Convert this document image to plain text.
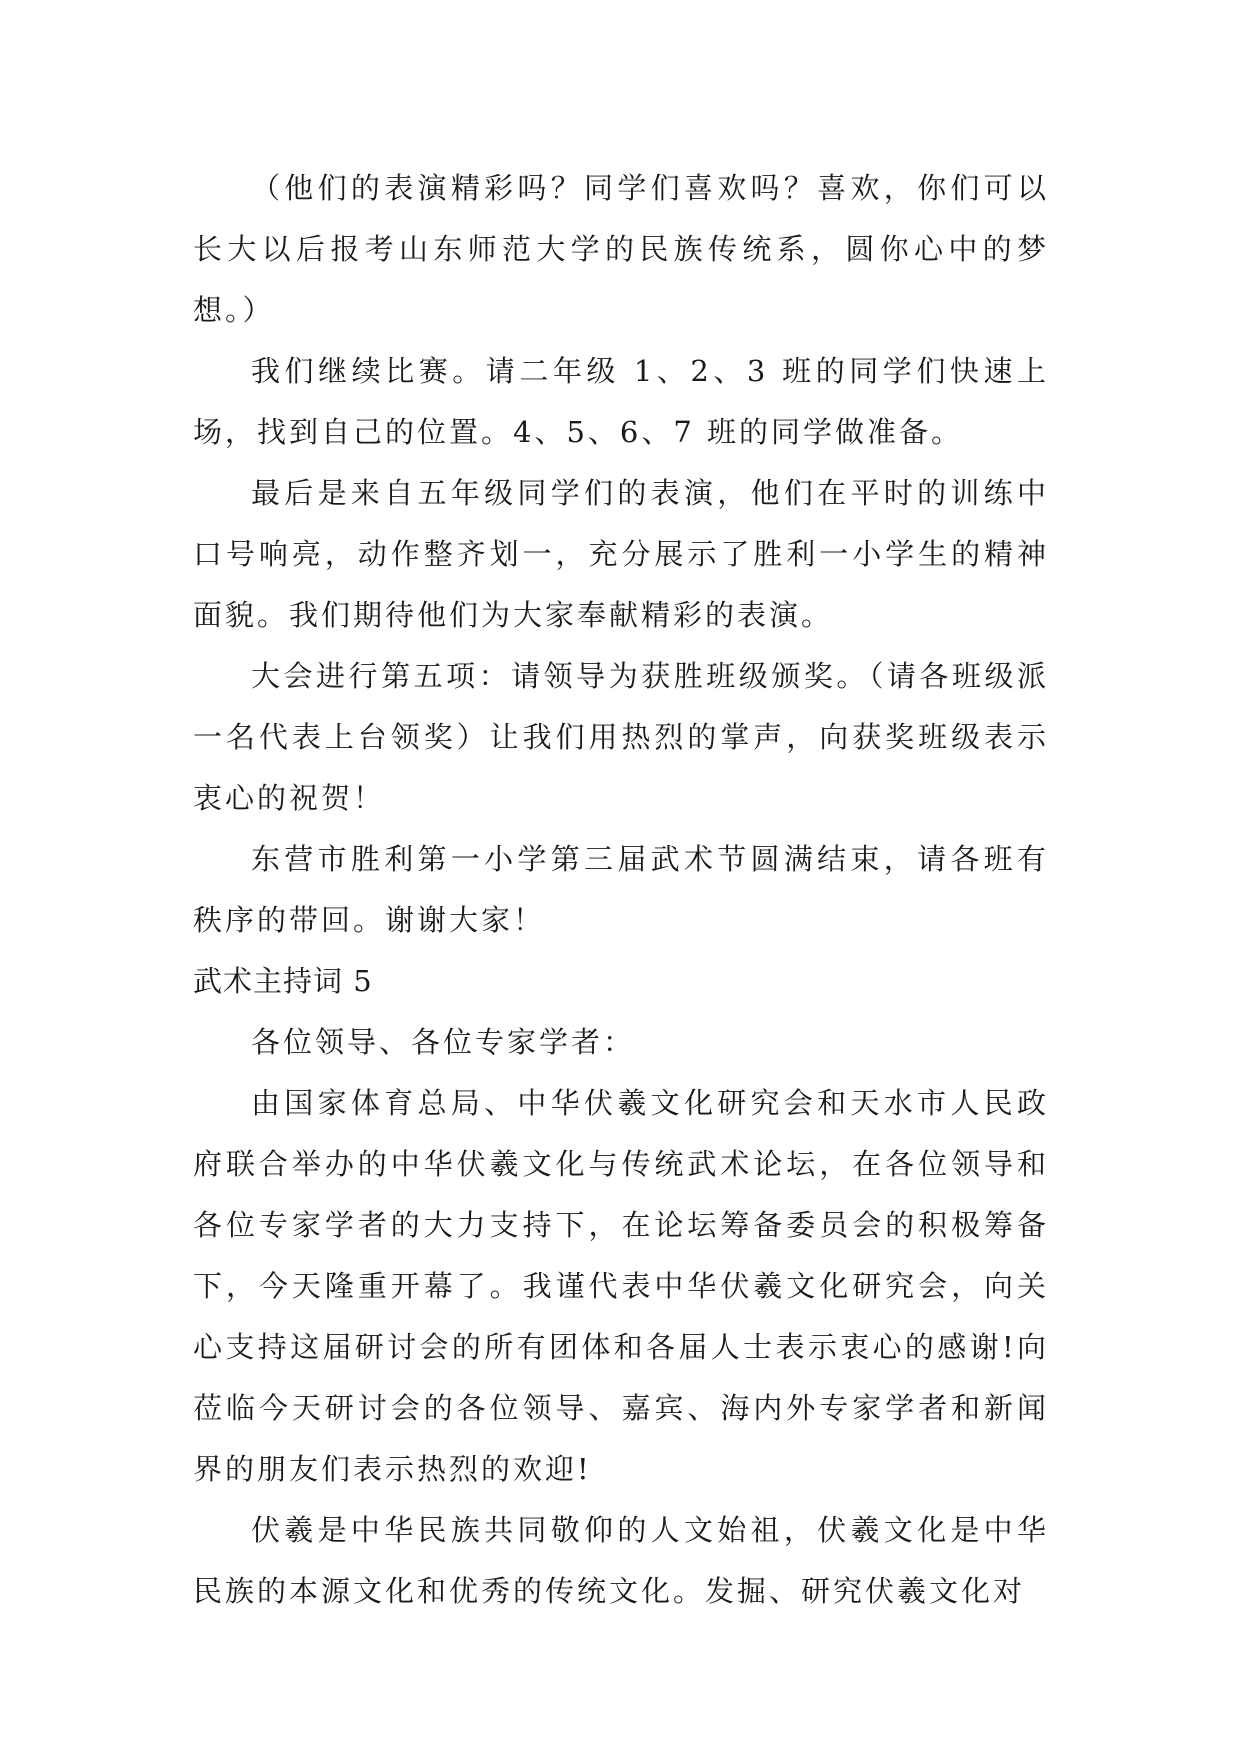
（他们的表演精彩吗？同学们喜欢吗？喜欢，你们可以长大以后报考山东师范大学的民族传统系，圆你心中的梦想。）

我们继续比赛。请二年级 1、2、3 班的同学们快速上场，找到自己的位置。4、5、6、7 班的同学做准备。

最后是来自五年级同学们的表演，他们在平时的训练中口号响亮，动作整齐划一，充分展示了胜利一小学生的精神面貌。我们期待他们为大家奉献精彩的表演。

大会进行第五项：请领导为获胜班级颁奖。（请各班级派一名代表上台领奖）让我们用热烈的掌声，向获奖班级表示衷心的祝贺！

东营市胜利第一小学第三届武术节圆满结束，请各班有秩序的带回。谢谢大家！

武术主持词 5

各位领导、各位专家学者：

由国家体育总局、中华伏羲文化研究会和天水市人民政府联合举办的中华伏羲文化与传统武术论坛，在各位领导和各位专家学者的大力支持下，在论坛筹备委员会的积极筹备下，今天隆重开幕了。我谨代表中华伏羲文化研究会，向关心支持这届研讨会的所有团体和各届人士表示衷心的感谢!向莅临今天研讨会的各位领导、嘉宾、海内外专家学者和新闻界的朋友们表示热烈的欢迎!

伏羲是中华民族共同敬仰的人文始祖，伏羲文化是中华民族的本源文化和优秀的传统文化。发掘、研究伏羲文化对
